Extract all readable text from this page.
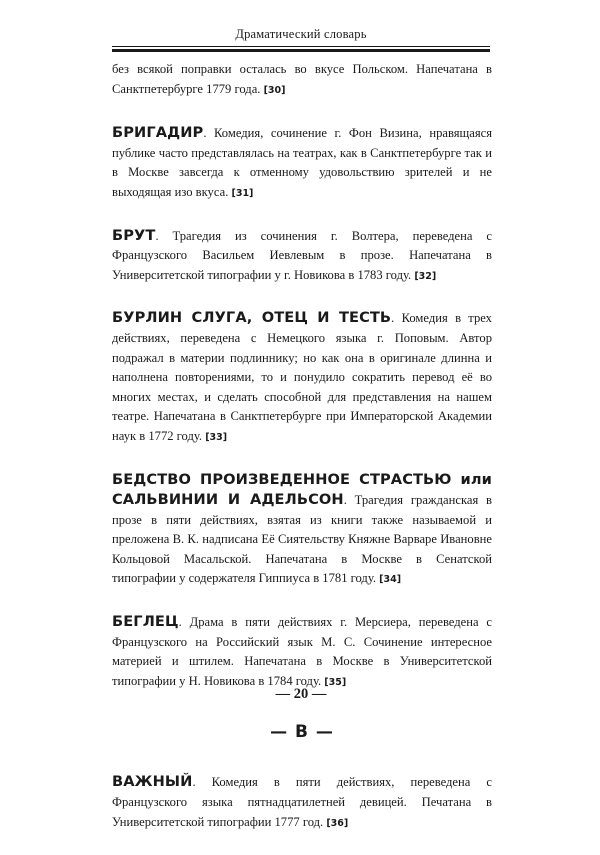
Драматический словарь

без всякой поправки осталась во вкусе Польском. Напечатана в Санктпетербурге 1779 года. [30]

БРИГАДИР. Комедия, сочинение г. Фон Визина, нравящаяся публике часто представлялась на театрах, как в Санктпетербурге так и в Москве завсегда к отменному удовольствию зрителей и не выходящая изо вкуса. [31]

БРУТ. Трагедия из сочинения г. Волтера, переведена с Французского Васильем Иевлевым в прозе. Напечатана в Университетской типографии у г. Новикова в 1783 году. [32]

БУРЛИН СЛУГА, ОТЕЦ И ТЕСТЬ. Комедия в трех действиях, переведена с Немецкого языка г. Поповым. Автор подражал в материи подлиннику; но как она в оригинале длинна и наполнена повторениями, то и понудило сократить перевод её во многих местах, и сделать способной для представления на нашем театре. Напечатана в Санктпетербурге при Императорской Академии наук в 1772 году. [33]

БЕДСТВО ПРОИЗВЕДЕННОЕ СТРАСТЬЮ или САЛЬВИНИИ И АДЕЛЬСОН. Трагедия гражданская в прозе в пяти действиях, взятая из книги также называемой и преложена В. К. надписана Её Сиятельству Княжне Варваре Ивановне Кольцовой Масальской. Напечатана в Москве в Сенатской типографии у содержателя Гиппиуса в 1781 году. [34]

БЕГЛЕЦ. Драма в пяти действиях г. Мерсиера, переведена с Французского на Российский язык М. С. Сочинение интересное материей и штилем. Напечатана в Москве в Университетской типографии у Н. Новикова в 1784 году. [35]

— В —

ВАЖНЫЙ. Комедия в пяти действиях, переведена с Французского языка пятнадцатилетней девицей. Печатана в Университетской типографии 1777 год. [36]

— 20 —
